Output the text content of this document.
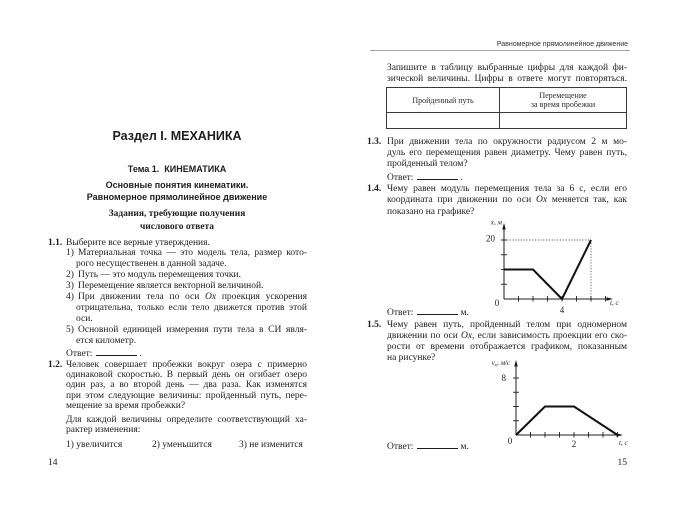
Раздел I. МЕХАНИКА
Тема 1.  КИНЕМАТИКА
Основные понятия кинематики.
Равномерное прямолинейное движение
Задания, требующие получения
числового ответа
1.1. Выберите все верные утверждения.
1) Материальная точка — это модель тела, размер кото-
рого несущественен в данной задаче.
2) Путь — это модуль перемещения точки.
3) Перемещение является векторной величиной.
4) При движении тела по оси Ox проекция ускорения
отрицательна, только если тело движется против этой
оси.
5) Основной единицей измерения пути тела в СИ явля-
ется километр.
Ответ:	.
1.2. Человек совершает пробежки вокруг озера с примерно
одинаковой скоростью. В первый день он огибает озеро
один раз, а во второй день — два раза. Как изменятся
при этом следующие величины: пройденный путь, пере-
мещение за время пробежки?
Для каждой величины определите соответствующий ха-
рактер изменения:
1) увеличится	2) уменьшится	3) не изменится
14
Равномерное прямолинейное движение
Запишите в таблицу выбранные цифры для каждой фи-
зической величины. Цифры в ответе могут повторяться.
Пройденный путь	Перемещение
за время пробежки

1.3. При движении тела по окружности радиусом 2 м мо-
дуль его перемещения равен диаметру. Чему равен путь,
пройденный телом?
Ответ:	.
1.4. Чему равен модуль перемещения тела за 6 с, если его
координата при движении по оси Ox меняется так, как
показано на графике?
x, м
20
0
4
t, c
Ответ:	м.
1.5. Чему равен путь, пройденный телом при одномерном
движении по оси Ox, если зависимость проекции его ско-
рости от времени отображается графиком, показанным
на рисунке?
$v_x$, м/с
8
0	2	t, c
Ответ:	м.
15
